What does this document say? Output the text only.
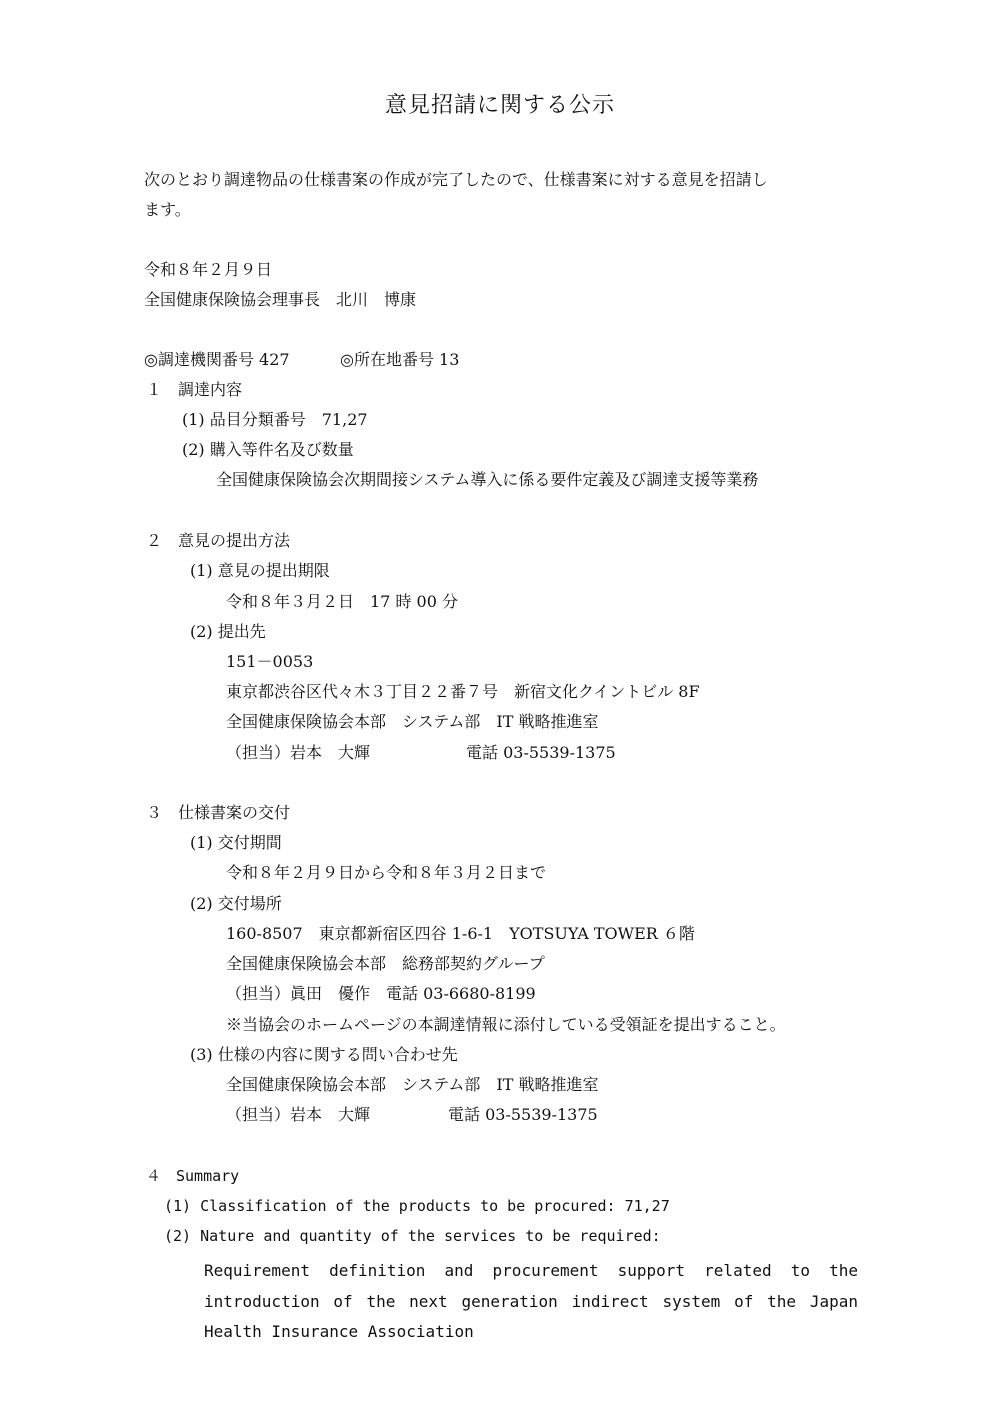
意見招請に関する公示
次のとおり調達物品の仕様書案の作成が完了したので、仕様書案に対する意見を招請し
ます。
令和８年２月９日
全国健康保険協会理事長　北川　博康
◎調達機関番号 427	◎所在地番号 13
１　調達内容
(1) 品目分類番号　71,27
(2) 購入等件名及び数量
全国健康保険協会次期間接システム導入に係る要件定義及び調達支援等業務
２　意見の提出方法
(1) 意見の提出期限
令和８年３月２日　17 時 00 分
(2) 提出先
151－0053
東京都渋谷区代々木３丁目２２番７号　新宿文化クイントビル 8F
全国健康保険協会本部　システム部　IT 戦略推進室
（担当）岩本　大輝	電話 03-5539-1375
３　仕様書案の交付
(1) 交付期間
令和８年２月９日から令和８年３月２日まで
(2) 交付場所
160-8507　東京都新宿区四谷 1-6-1　YOTSUYA TOWER ６階
全国健康保険協会本部　総務部契約グループ
（担当）眞田　優作　電話 03-6680-8199
※当協会のホームページの本調達情報に添付している受領証を提出すること。
(3) 仕様の内容に関する問い合わせ先
全国健康保険協会本部　システム部　IT 戦略推進室
（担当）岩本　大輝	電話 03-5539-1375
４　Summary
(1) Classification of the products to be procured: 71,27
(2) Nature and quantity of the services to be required:
Requirement definition and procurement support related to the introduction of the next generation indirect system of the Japan Health Insurance Association
